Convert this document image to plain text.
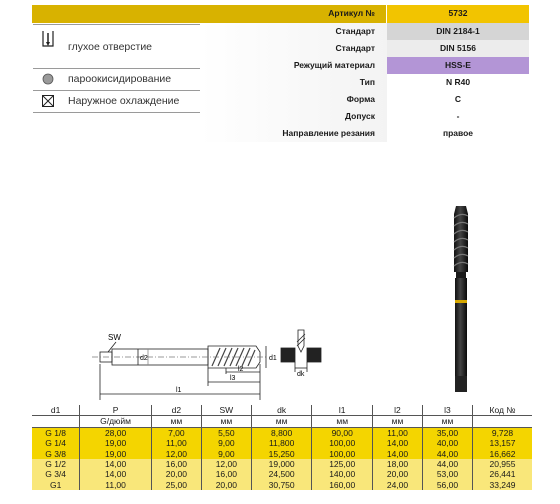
Артикул №	5732
Стандарт	DIN 2184-1
Стандарт	DIN 5156
Режущий материал	HSS-E
Тип	N R40
Форма	C
Допуск	-
Направление резания	правое
глухое отверстие
пароокисидирование
Наружное охлаждение
SW
d2	d1
l1
l3
l2
dk
d1	P	d2	SW	dk	l1	l2	l3	Код №
	G/дюйм	мм	мм	мм	мм	мм	мм	
G 1/8	28,00	7,00	5,50	8,800	90,00	11,00	35,00	9,728
G 1/4	19,00	11,00	9,00	11,800	100,00	14,00	40,00	13,157
G 3/8	19,00	12,00	9,00	15,250	100,00	14,00	44,00	16,662
G 1/2	14,00	16,00	12,00	19,000	125,00	18,00	44,00	20,955
G 3/4	14,00	20,00	16,00	24,500	140,00	20,00	53,00	26,441
G1	11,00	25,00	20,00	30,750	160,00	24,00	56,00	33,249
